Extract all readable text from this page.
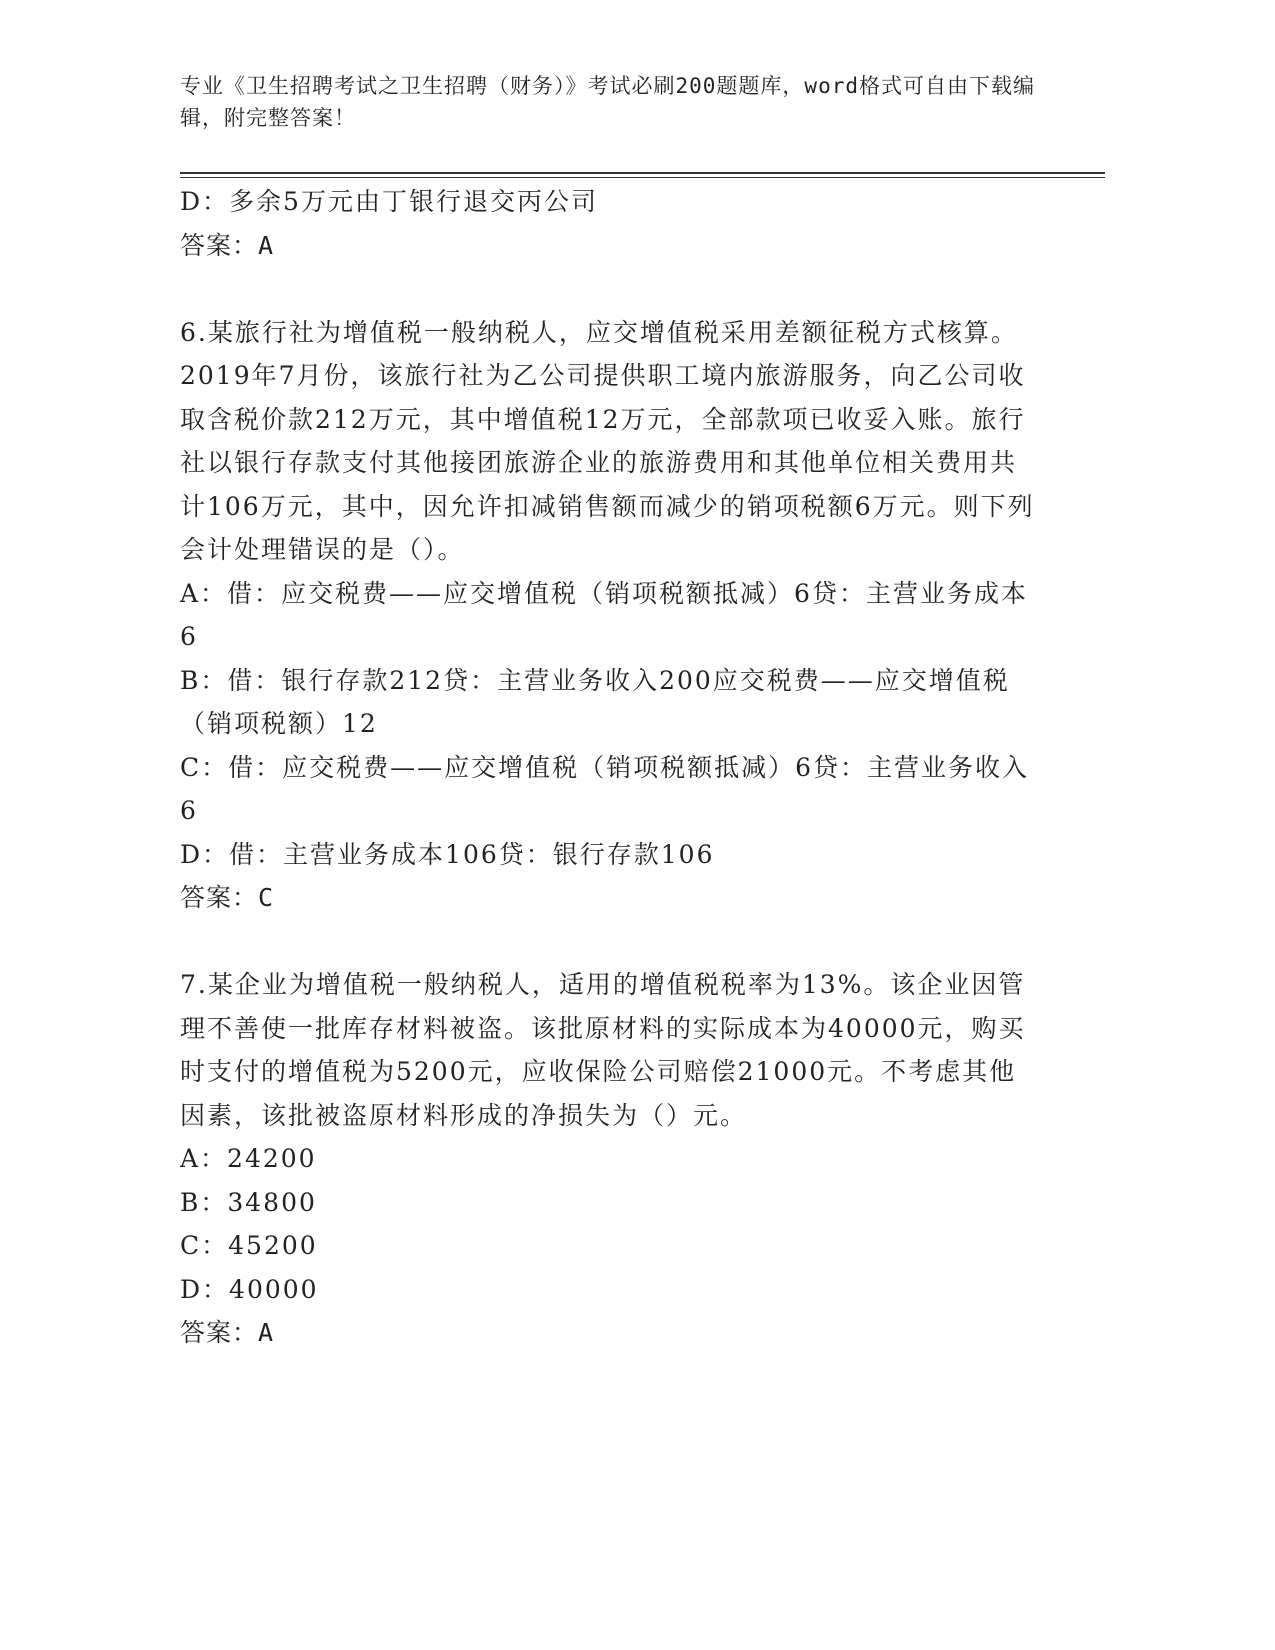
专业《卫生招聘考试之卫生招聘（财务）》考试必刷200题题库，word格式可自由下载编辑，附完整答案！

D：多余5万元由丁银行退交丙公司

答案：A

6.某旅行社为增值税一般纳税人，应交增值税采用差额征税方式核算。2019年7月份，该旅行社为乙公司提供职工境内旅游服务，向乙公司收取含税价款212万元，其中增值税12万元，全部款项已收妥入账。旅行社以银行存款支付其他接团旅游企业的旅游费用和其他单位相关费用共计106万元，其中，因允许扣减销售额而减少的销项税额6万元。则下列会计处理错误的是（）。

A：借：应交税费——应交增值税（销项税额抵减）6贷：主营业务成本6

B：借：银行存款212贷：主营业务收入200应交税费——应交增值税（销项税额）12

C：借：应交税费——应交增值税（销项税额抵减）6贷：主营业务收入6

D：借：主营业务成本106贷：银行存款106

答案：C

7.某企业为增值税一般纳税人，适用的增值税税率为13%。该企业因管理不善使一批库存材料被盗。该批原材料的实际成本为40000元，购买时支付的增值税为5200元，应收保险公司赔偿21000元。不考虑其他因素，该批被盗原材料形成的净损失为（）元。

A：24200

B：34800

C：45200

D：40000

答案：A
